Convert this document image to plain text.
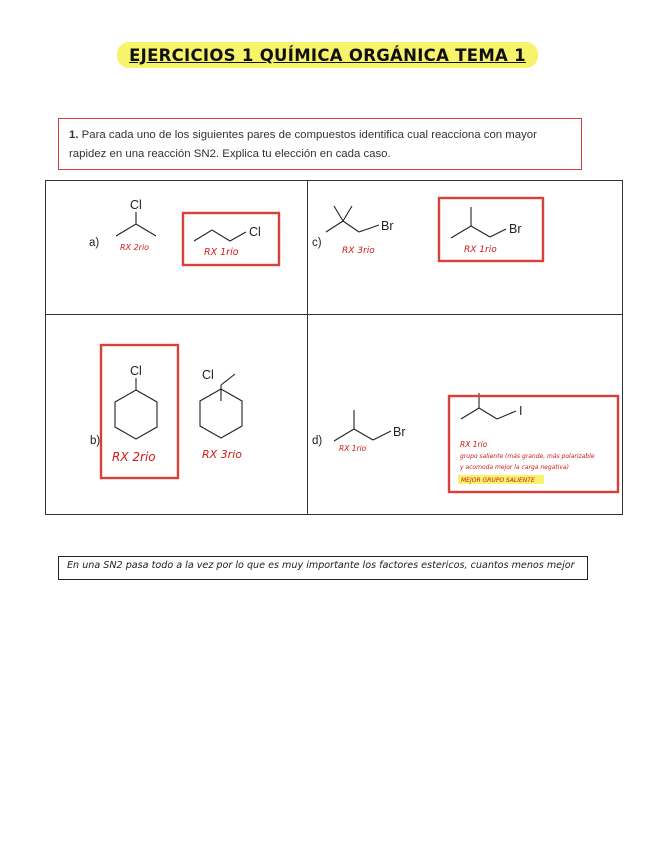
EJERCICIOS 1 QUÍMICA ORGÁNICA TEMA 1
1. Para cada uno de los siguientes pares de compuestos identifica cual reacciona con mayor rapidez en una reacción SN2. Explica tu elección en cada caso.
a)	c)
b)	d)
Cl
Cl	Br	Br
Cl	Cl
Br
I
RX 2rio	RX 1rio	RX 3rio	RX 1rio
RX 2rio	RX 3rio	RX 1rio	RX 1rio
grupo saliente (más grande, más polarizable
y acomoda mejor la carga negativa)
MEJOR GRUPO SALIENTE
En una SN2 pasa todo a la vez por lo que es muy importante los factores estericos, cuantos menos mejor
